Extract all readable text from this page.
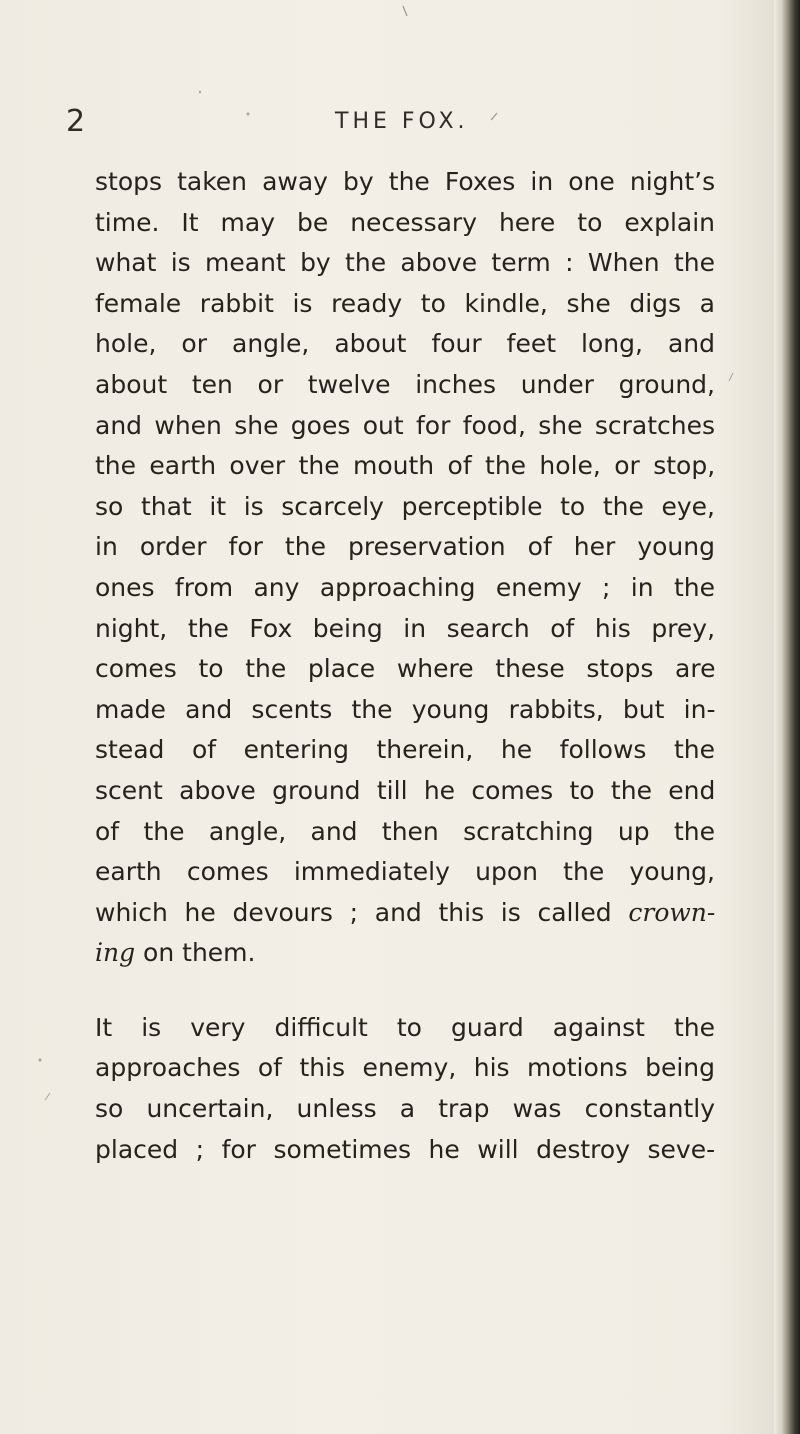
2	THE FOX.

stops taken away by the Foxes in one night’s
time. It may be necessary here to explain
what is meant by the above term : When the
female rabbit is ready to kindle, she digs a
hole, or angle, about four feet long, and
about ten or twelve inches under ground,
and when she goes out for food, she scratches
the earth over the mouth of the hole, or stop,
so that it is scarcely perceptible to the eye,
in order for the preservation of her young
ones from any approaching enemy ; in the
night, the Fox being in search of his prey,
comes to the place where these stops are
made and scents the young rabbits, but in-
stead of entering therein, he follows the
scent above ground till he comes to the end
of the angle, and then scratching up the
earth comes immediately upon the young,
which he devours ; and this is called crown-
ing on them.

It is very difficult to guard against the
approaches of this enemy, his motions being
so uncertain, unless a trap was constantly
placed ; for sometimes he will destroy seve-
